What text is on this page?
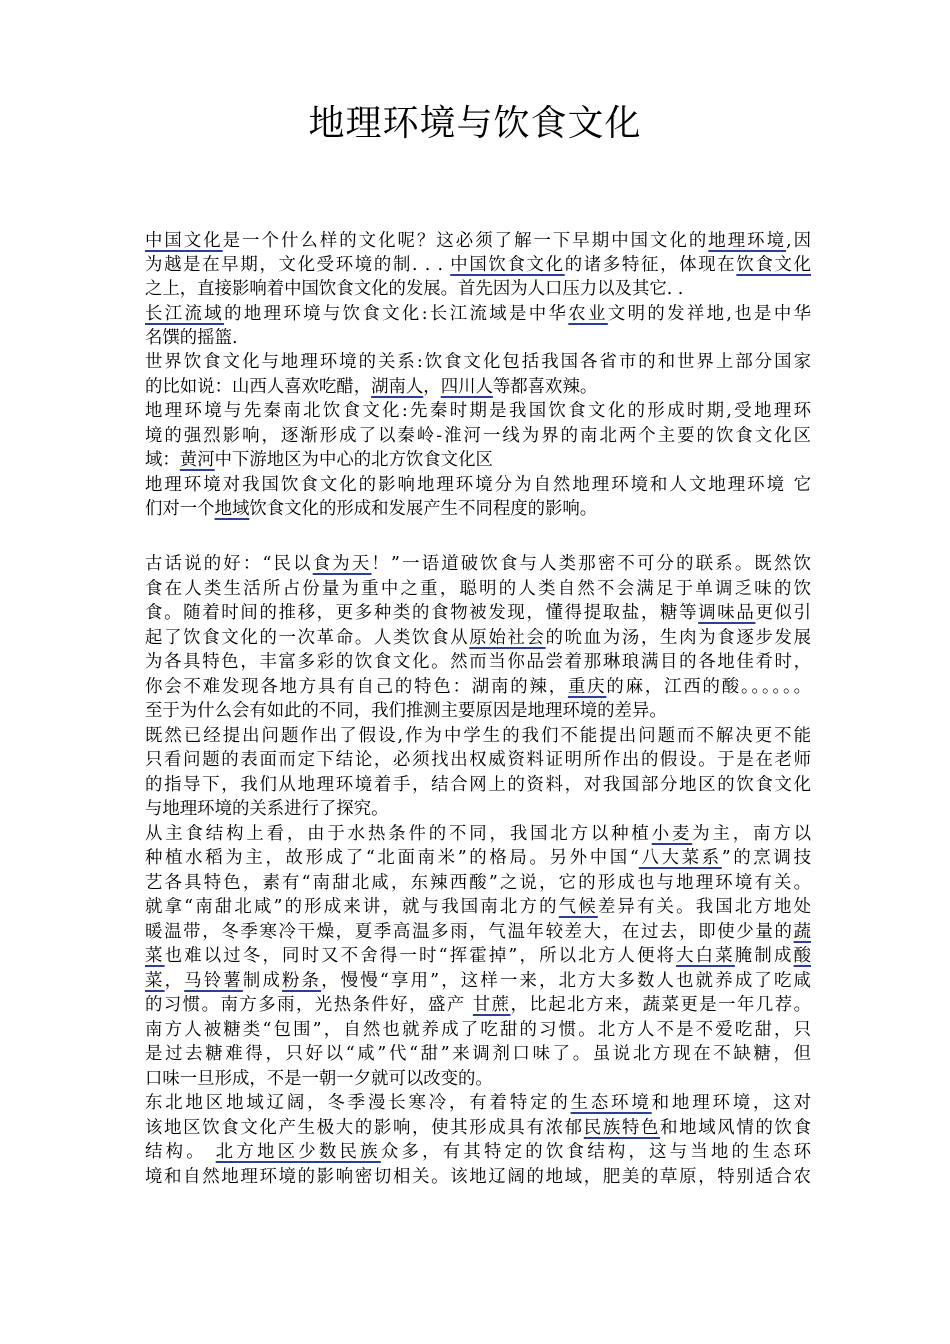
地理环境与饮食文化
中国文化是一个什么样的文化呢？这必须了解一下早期中国文化的地理环境,因
为越是在早期，文化受环境的制. . . 中国饮食文化的诸多特征，体现在饮食文化
之上，直接影响着中国饮食文化的发展。首先因为人口压力以及其它. .
长江流域的地理环境与饮食文化:长江流域是中华农业文明的发祥地,也是中华
名馔的摇篮.
世界饮食文化与地理环境的关系:饮食文化包括我国各省市的和世界上部分国家
的比如说：山西人喜欢吃醋，湖南人，四川人等都喜欢辣。
地理环境与先秦南北饮食文化:先秦时期是我国饮食文化的形成时期,受地理环
境的强烈影响，逐渐形成了以秦岭-淮河一线为界的南北两个主要的饮食文化区
域：黄河中下游地区为中心的北方饮食文化区
地理环境对我国饮食文化的影响地理环境分为自然地理环境和人文地理环境 它
们对一个地域饮食文化的形成和发展产生不同程度的影响。
古话说的好：“民以食为天！”一语道破饮食与人类那密不可分的联系。既然饮
食在人类生活所占份量为重中之重，聪明的人类自然不会满足于单调乏味的饮
食。随着时间的推移，更多种类的食物被发现，懂得提取盐，糖等调味品更似引
起了饮食文化的一次革命。人类饮食从原始社会的吮血为汤，生肉为食逐步发展
为各具特色，丰富多彩的饮食文化。然而当你品尝着那琳琅满目的各地佳肴时，
你会不难发现各地方具有自己的特色：湖南的辣，重庆的麻，江西的酸。。。。。。
至于为什么会有如此的不同，我们推测主要原因是地理环境的差异。
既然已经提出问题作出了假设,作为中学生的我们不能提出问题而不解决更不能
只看问题的表面而定下结论，必须找出权威资料证明所作出的假设。于是在老师
的指导下，我们从地理环境着手，结合网上的资料，对我国部分地区的饮食文化
与地理环境的关系进行了探究。
从主食结构上看，由于水热条件的不同，我国北方以种植小麦为主，南方以
种植水稻为主，故形成了“北面南米”的格局。另外中国“八大菜系”的烹调技
艺各具特色，素有“南甜北咸，东辣西酸”之说，它的形成也与地理环境有关。
就拿“南甜北咸”的形成来讲，就与我国南北方的气候差异有关。我国北方地处
暖温带，冬季寒冷干燥，夏季高温多雨，气温年较差大，在过去，即使少量的蔬
菜也难以过冬，同时又不舍得一时“挥霍掉”，所以北方人便将大白菜腌制成酸
菜，马铃薯制成粉条，慢慢“享用”，这样一来，北方大多数人也就养成了吃咸
的习惯。南方多雨，光热条件好，盛产 甘蔗，比起北方来，蔬菜更是一年几荐。
南方人被糖类“包围”，自然也就养成了吃甜的习惯。北方人不是不爱吃甜，只
是过去糖难得，只好以“咸”代“甜”来调剂口味了。虽说北方现在不缺糖，但
口味一旦形成，不是一朝一夕就可以改变的。
东北地区地域辽阔，冬季漫长寒冷，有着特定的生态环境和地理环境，这对
该地区饮食文化产生极大的影响，使其形成具有浓郁民族特色和地域风情的饮食
结构。 北方地区少数民族众多，有其特定的饮食结构，这与当地的生态环
境和自然地理环境的影响密切相关。该地辽阔的地域，肥美的草原，特别适合农
